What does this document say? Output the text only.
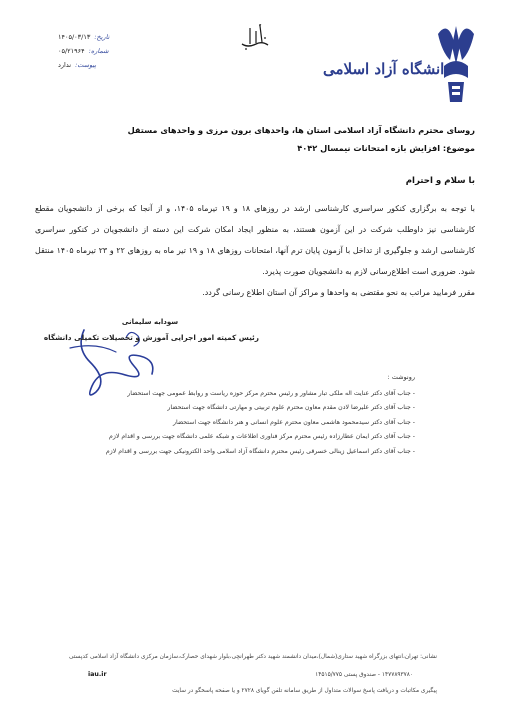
تاریخ:
۱۴۰۵/۰۳/۱۳
شماره:
۰۵/۲۱۹۶۴
پیوست:
ندارد	دانشگاه آزاد اسلامی
روسای محترم دانشگاه آزاد اسلامی استان ها، واحدهای برون مرزی و واحدهای مستقل
موضوع: افزایش بازه امتحانات نیمسال ۴۰۴۲
با سلام و احترام
با توجه به برگزاری کنکور سراسری کارشناسی ارشد در روزهای ۱۸ و ۱۹ تیرماه ۱۴۰۵، و از آنجا که برخی از دانشجویان مقطع کارشناسی نیز داوطلب شرکت در این آزمون هستند، به منظور ایجاد امکان شرکت این دسته از دانشجویان در کنکور سراسری کارشناسی ارشد و جلوگیری از تداخل با آزمون پایان ترم آنها، امتحانات روزهای ۱۸ و ۱۹ تیر ماه به روزهای ۲۲ و ۲۳ تیرماه ۱۴۰۵ منتقل شود. ضروری است اطلاع‌رسانی لازم به دانشجویان صورت پذیرد.
مقرر فرمایید مراتب به نحو مقتضی به واحدها و مراکز آن استان اطلاع رسانی گردد.
سودابه سلیمانی
رئیس کمیته امور اجرایی آموزش و تحصیلات تکمیلی دانشگاه
رونوشت :
- جناب آقای دکتر عنایت اله ملکی تبار مشاور و رئیس محترم مرکز حوزه ریاست و روابط عمومی جهت استحضار
- جناب آقای دکتر علیرضا لادن مقدم معاون محترم علوم تربیتی و مهارتی دانشگاه جهت استحضار
- جناب آقای دکتر سیدمحمود هاشمی معاون محترم علوم انسانی و هنر دانشگاه جهت استحضار
- جناب آقای دکتر ایمان عطارزاده رئیس محترم مرکز فناوری اطلاعات و شبکه علمی دانشگاه جهت بررسی و اقدام لازم
- جناب آقای دکتر اسماعیل زینالی خسرقی رئیس محترم دانشگاه آزاد اسلامی واحد الکترونیکی جهت بررسی و اقدام لازم
نشانی: تهران،انتهای بزرگراه شهید ستاری(شمال)،میدان دانشمند شهید دکتر طهرانچی،بلوار شهدای حصارک،سازمان مرکزی دانشگاه آزاد اسلامی کدپستی
۱۴۷۷۸۹۳۷۸۰ - صندوق پستی ۱۴۵۱۵/۷۷۵
iau.ir
پیگیری مکاتبات و دریافت پاسخ سوالات متداول از طریق سامانه تلفن گویای ۲۷۲۸ و یا صفحه پاسخگو در سایت
